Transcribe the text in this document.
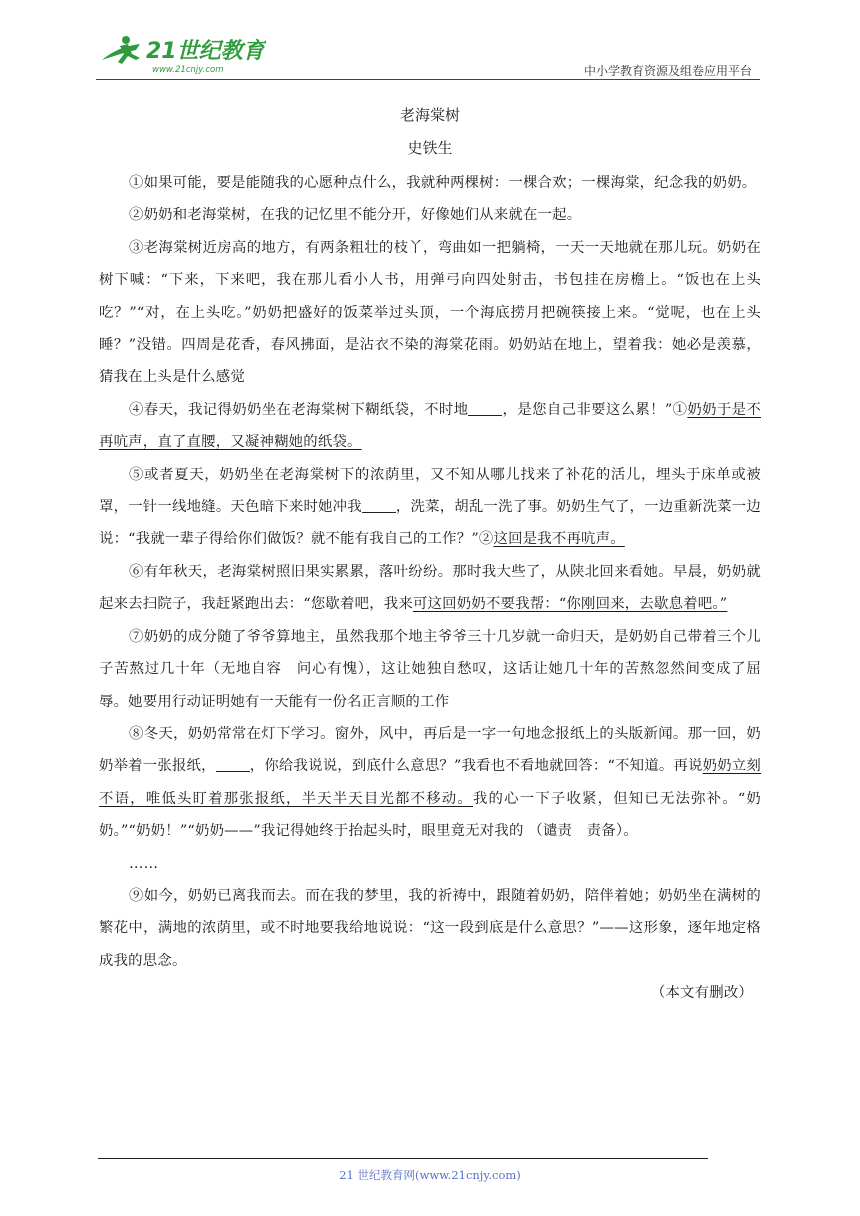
21世纪教育
www.21cnjy.com	中小学教育资源及组卷应用平台
老海棠树
史铁生

①如果可能，要是能随我的心愿种点什么，我就种两棵树：一棵合欢；一棵海棠，纪念我的奶奶。

②奶奶和老海棠树，在我的记忆里不能分开，好像她们从来就在一起。

③老海棠树近房高的地方，有两条粗壮的枝丫，弯曲如一把躺椅，一天一天地就在那儿玩。奶奶在树下喊：“下来，下来吧，我在那儿看小人书，用弹弓向四处射击，书包挂在房檐上。“饭也在上头吃？”“对，在上头吃。”奶奶把盛好的饭菜举过头顶，一个海底捞月把碗筷接上来。“觉呢，也在上头睡？”没错。四周是花香，春风拂面，是沾衣不染的海棠花雨。奶奶站在地上，望着我：她必是羡慕，猜我在上头是什么感觉

④春天，我记得奶奶坐在老海棠树下糊纸袋，不时地 ，是您自己非要这么累！”①奶奶于是不再吭声，直了直腰，又凝神糊她的纸袋。

⑤或者夏天，奶奶坐在老海棠树下的浓荫里，又不知从哪儿找来了补花的活儿，埋头于床单或被罩，一针一线地缝。天色暗下来时她冲我 ，洗菜，胡乱一洗了事。奶奶生气了，一边重新洗菜一边说：“我就一辈子得给你们做饭？就不能有我自己的工作？”②这回是我不再吭声。

⑥有年秋天，老海棠树照旧果实累累，落叶纷纷。那时我大些了，从陕北回来看她。早晨，奶奶就起来去扫院子，我赶紧跑出去：“您歇着吧，我来可这回奶奶不要我帮：“你刚回来，去歇息着吧。”

⑦奶奶的成分随了爷爷算地主，虽然我那个地主爷爷三十几岁就一命归天，是奶奶自己带着三个儿子苦熬过几十年（无地自容　问心有愧），这让她独自愁叹，这话让她几十年的苦熬忽然间变成了屈辱。她要用行动证明她有一天能有一份名正言顺的工作

⑧冬天，奶奶常常在灯下学习。窗外，风中，再后是一字一句地念报纸上的头版新闻。那一回，奶奶举着一张报纸， ，你给我说说，到底什么意思？”我看也不看地就回答：“不知道。再说奶奶立刻不语，唯低头盯着那张报纸，半天半天目光都不移动。我的心一下子收紧，但知已无法弥补。“奶奶。”“奶奶！”“奶奶——”我记得她终于抬起头时，眼里竟无对我的 （谴责　责备）。

……

⑨如今，奶奶已离我而去。而在我的梦里，我的祈祷中，跟随着奶奶，陪伴着她；奶奶坐在满树的繁花中，满地的浓荫里，或不时地要我给地说说：“这一段到底是什么意思？”——这形象，逐年地定格成我的思念。

（本文有删改）

21 世纪教育网(www.21cnjy.com)
